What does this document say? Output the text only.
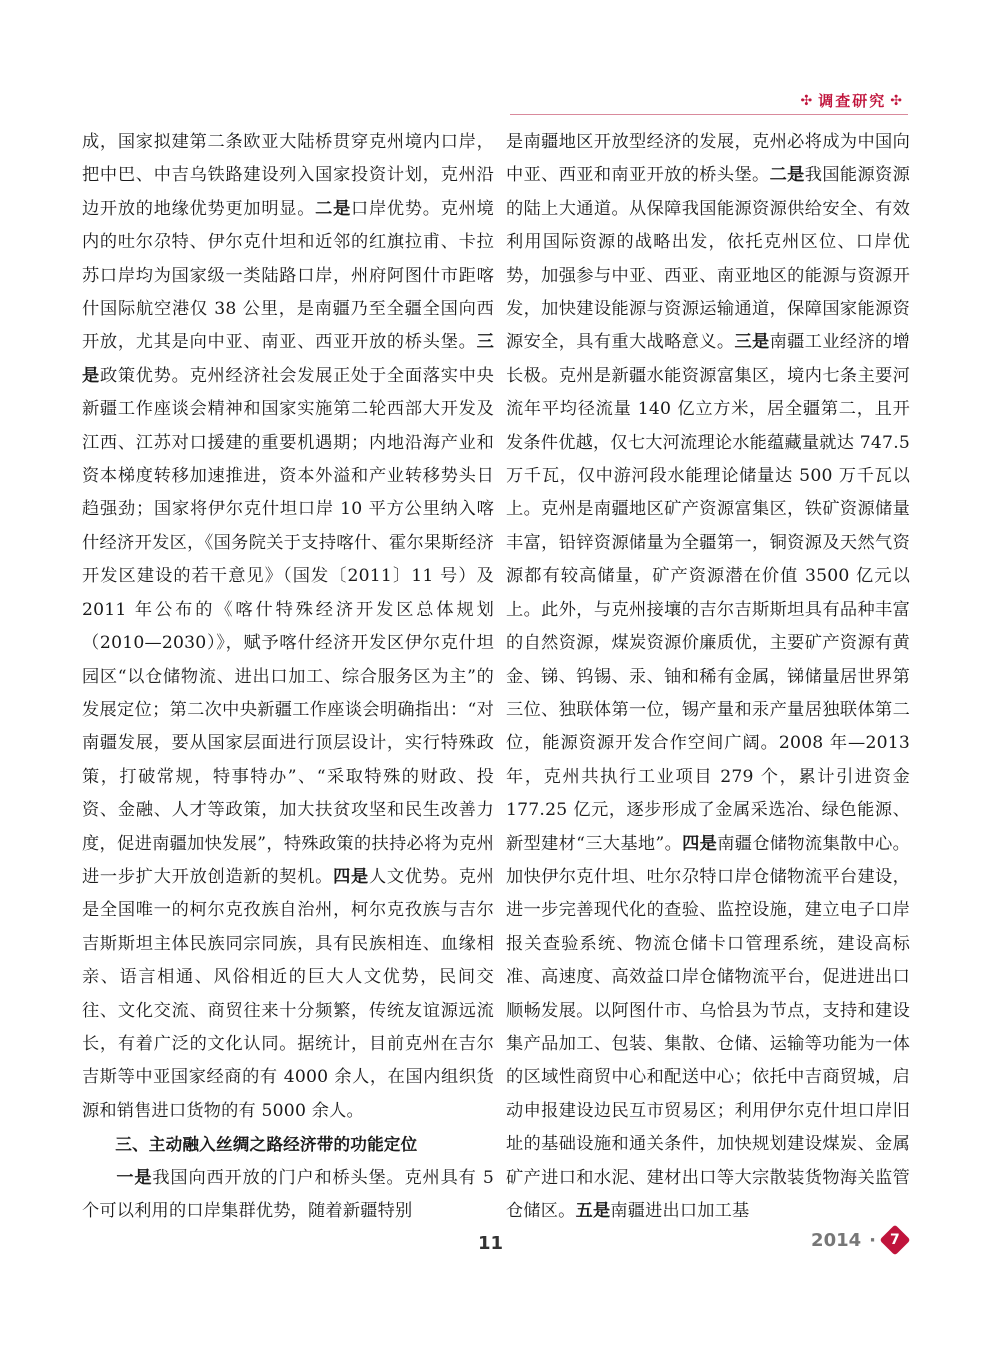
✣ 调查研究 ✣

成，国家拟建第二条欧亚大陆桥贯穿克州境内口岸，把中巴、中吉乌铁路建设列入国家投资计划，克州沿边开放的地缘优势更加明显。二是口岸优势。克州境内的吐尔尕特、伊尔克什坦和近邻的红旗拉甫、卡拉苏口岸均为国家级一类陆路口岸，州府阿图什市距喀什国际航空港仅 38 公里，是南疆乃至全疆全国向西开放，尤其是向中亚、南亚、西亚开放的桥头堡。三是政策优势。克州经济社会发展正处于全面落实中央新疆工作座谈会精神和国家实施第二轮西部大开发及江西、江苏对口援建的重要机遇期；内地沿海产业和资本梯度转移加速推进，资本外溢和产业转移势头日趋强劲；国家将伊尔克什坦口岸 10 平方公里纳入喀什经济开发区，《国务院关于支持喀什、霍尔果斯经济开发区建设的若干意见》（国发〔2011〕11 号）及 2011 年公布的《喀什特殊经济开发区总体规划（2010—2030）》，赋予喀什经济开发区伊尔克什坦园区“以仓储物流、进出口加工、综合服务区为主”的发展定位；第二次中央新疆工作座谈会明确指出：“对南疆发展，要从国家层面进行顶层设计，实行特殊政策，打破常规，特事特办”、“采取特殊的财政、投资、金融、人才等政策，加大扶贫攻坚和民生改善力度，促进南疆加快发展”，特殊政策的扶持必将为克州进一步扩大开放创造新的契机。四是人文优势。克州是全国唯一的柯尔克孜族自治州，柯尔克孜族与吉尔吉斯斯坦主体民族同宗同族，具有民族相连、血缘相亲、语言相通、风俗相近的巨大人文优势，民间交往、文化交流、商贸往来十分频繁，传统友谊源远流长，有着广泛的文化认同。据统计，目前克州在吉尔吉斯等中亚国家经商的有 4000 余人，在国内组织货源和销售进口货物的有 5000 余人。

三、主动融入丝绸之路经济带的功能定位

一是我国向西开放的门户和桥头堡。克州具有 5 个可以利用的口岸集群优势，随着新疆特别

是南疆地区开放型经济的发展，克州必将成为中国向中亚、西亚和南亚开放的桥头堡。二是我国能源资源的陆上大通道。从保障我国能源资源供给安全、有效利用国际资源的战略出发，依托克州区位、口岸优势，加强参与中亚、西亚、南亚地区的能源与资源开发，加快建设能源与资源运输通道，保障国家能源资源安全，具有重大战略意义。三是南疆工业经济的增长极。克州是新疆水能资源富集区，境内七条主要河流年平均径流量 140 亿立方米，居全疆第二，且开发条件优越，仅七大河流理论水能蕴藏量就达 747.5 万千瓦，仅中游河段水能理论储量达 500 万千瓦以上。克州是南疆地区矿产资源富集区，铁矿资源储量丰富，铅锌资源储量为全疆第一，铜资源及天然气资源都有较高储量，矿产资源潜在价值 3500 亿元以上。此外，与克州接壤的吉尔吉斯斯坦具有品种丰富的自然资源，煤炭资源价廉质优，主要矿产资源有黄金、锑、钨锡、汞、铀和稀有金属，锑储量居世界第三位、独联体第一位，锡产量和汞产量居独联体第二位，能源资源开发合作空间广阔。2008 年—2013 年，克州共执行工业项目 279 个，累计引进资金 177.25 亿元，逐步形成了金属采选冶、绿色能源、新型建材“三大基地”。四是南疆仓储物流集散中心。加快伊尔克什坦、吐尔尕特口岸仓储物流平台建设，进一步完善现代化的查验、监控设施，建立电子口岸报关查验系统、物流仓储卡口管理系统，建设高标准、高速度、高效益口岸仓储物流平台，促进进出口顺畅发展。以阿图什市、乌恰县为节点，支持和建设集产品加工、包装、集散、仓储、运输等功能为一体的区域性商贸中心和配送中心；依托中吉商贸城，启动申报建设边民互市贸易区；利用伊尔克什坦口岸旧址的基础设施和通关条件，加快规划建设煤炭、金属矿产进口和水泥、建材出口等大宗散装货物海关监管仓储区。五是南疆进出口加工基

11	2014 · 7
